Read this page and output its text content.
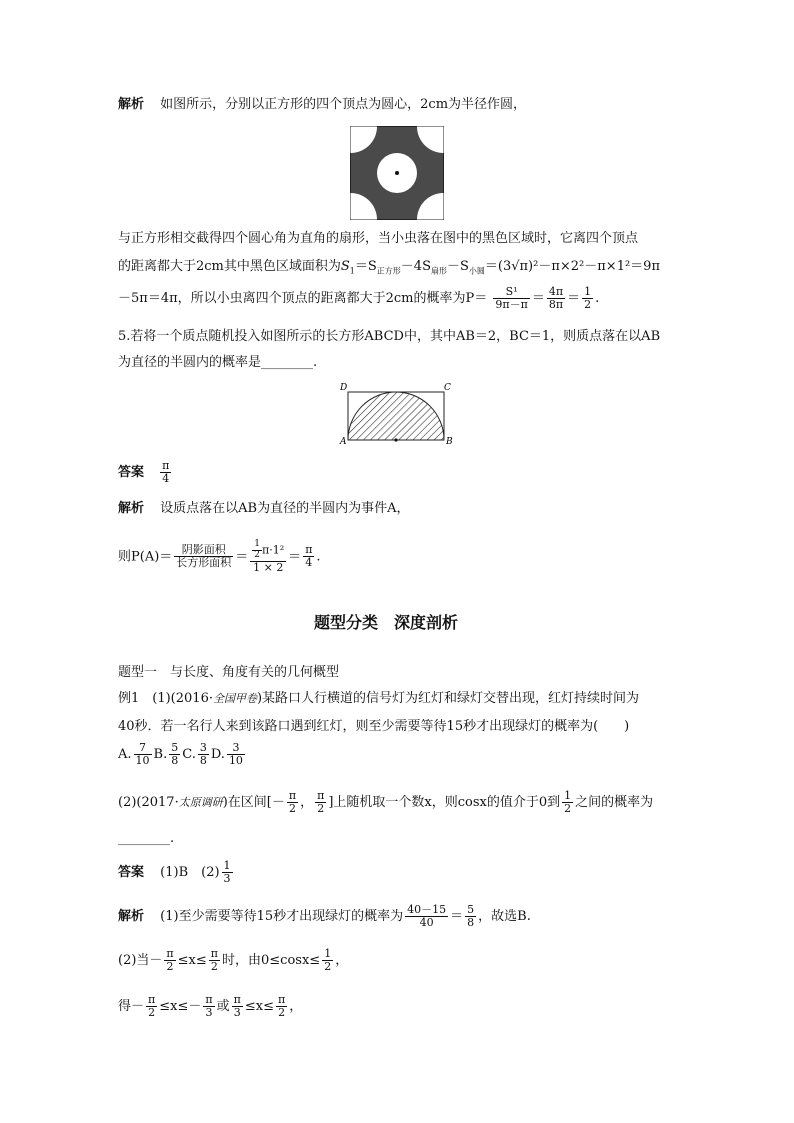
解析 如图所示，分别以正方形的四个顶点为圆心，2cm为半径作圆，
与正方形相交截得四个圆心角为直角的扇形，当小虫落在图中的黑色区域时，它离四个顶点
的距离都大于2cm其中黑色区域面积为$S_1=S_{正方形}-4S_{扇形}-S_{小圆}=(3√\pi)^2-\pi\times 2^2-\pi\times 1^2=9\pi$
－5π＝4π，所以小虫离四个顶点的距离都大于2cm的概率为$P= \frac{\text{S¹}}{9\pi-\pi} = \frac{4\pi}{8\pi} = \frac{1}{2}$ .
5.若将一个质点随机投入如图所示的长方形ABCD中，其中AB＝2，BC＝1，则质点落在以AB
为直径的半圆内的概率是________.
D	C
A	B
答案 $\frac{\pi}{4}$
解析 设质点落在以AB为直径的半圆内为事件A，
则$P(A)= \frac{\text{阴影面积}}{\text{长方形面积}} = \frac{\frac{1}{2} \pi\cdot 1^2}{1 \times 2} = \frac{\pi}{4}$ .
题型分类　深度剖析
题型一　与长度、角度有关的几何概型
例1　(1)(2016·全国甲卷)某路口人行横道的信号灯为红灯和绿灯交替出现，红灯持续时间为
40秒．若一名行人来到该路口遇到红灯，则至少需要等待15秒才出现绿灯的概率为(　　)
A. $\frac{7}{10} B$. $\frac{5}{8} C$. $\frac{3}{8} D$. $\frac{3}{10}$
(2)(2017·太原调研)在区间[－ $\frac{\pi}{2}$ ， $\frac{\pi}{2}$ ]上随机取一个数x，则cosx的值介于0到 $\frac{1}{2}$ 之间的概率为
________.
答案 (1)B　$(2) \frac{1}{3}$
解析 (1)至少需要等待15秒才出现绿灯的概率为 $\frac{40-15}{40} = \frac{5}{8}$ ，故选B.
(2)当－ $\frac{\pi}{2} \le x\le \frac{\pi}{2}$ 时，由$0\le\cos x\le \frac{1}{2}$ ，
得－ $\frac{\pi}{2} \le x\le- \frac{\pi}{3}$ 或 $\frac{\pi}{3} \le x\le \frac{\pi}{2}$ ，
